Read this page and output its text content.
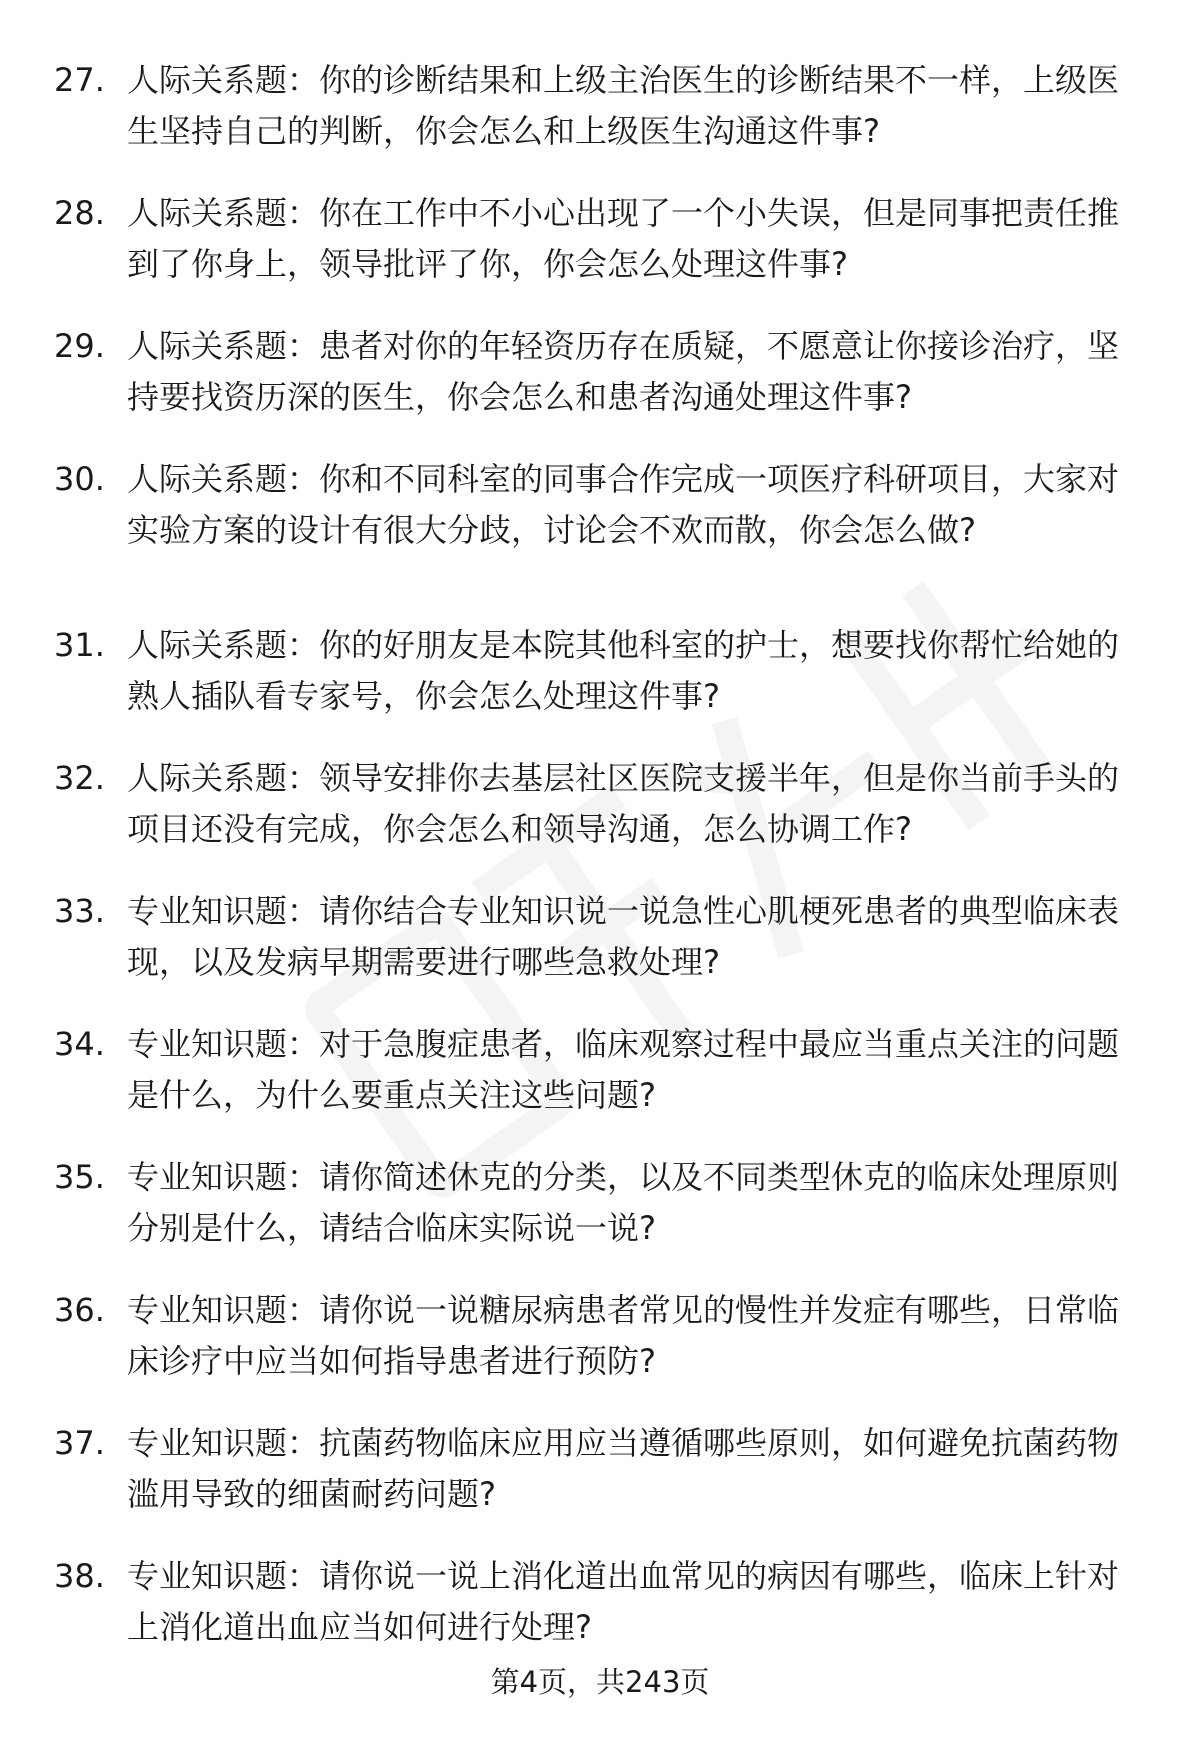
27. 人际关系题：你的诊断结果和上级主治医生的诊断结果不一样，上级医生坚持自己的判断，你会怎么和上级医生沟通这件事?
28. 人际关系题：你在工作中不小心出现了一个小失误，但是同事把责任推到了你身上，领导批评了你，你会怎么处理这件事?
29. 人际关系题：患者对你的年轻资历存在质疑，不愿意让你接诊治疗，坚持要找资历深的医生，你会怎么和患者沟通处理这件事?
30. 人际关系题：你和不同科室的同事合作完成一项医疗科研项目，大家对实验方案的设计有很大分歧，讨论会不欢而散，你会怎么做?
31. 人际关系题：你的好朋友是本院其他科室的护士，想要找你帮忙给她的熟人插队看专家号，你会怎么处理这件事?
32. 人际关系题：领导安排你去基层社区医院支援半年，但是你当前手头的项目还没有完成，你会怎么和领导沟通，怎么协调工作?
33. 专业知识题：请你结合专业知识说一说急性心肌梗死患者的典型临床表现，以及发病早期需要进行哪些急救处理?
34. 专业知识题：对于急腹症患者，临床观察过程中最应当重点关注的问题是什么，为什么要重点关注这些问题?
35. 专业知识题：请你简述休克的分类，以及不同类型休克的临床处理原则分别是什么，请结合临床实际说一说?
36. 专业知识题：请你说一说糖尿病患者常见的慢性并发症有哪些，日常临床诊疗中应当如何指导患者进行预防?
37. 专业知识题：抗菌药物临床应用应当遵循哪些原则，如何避免抗菌药物滥用导致的细菌耐药问题?
38. 专业知识题：请你说一说上消化道出血常见的病因有哪些，临床上针对上消化道出血应当如何进行处理?
第4页，共243页
